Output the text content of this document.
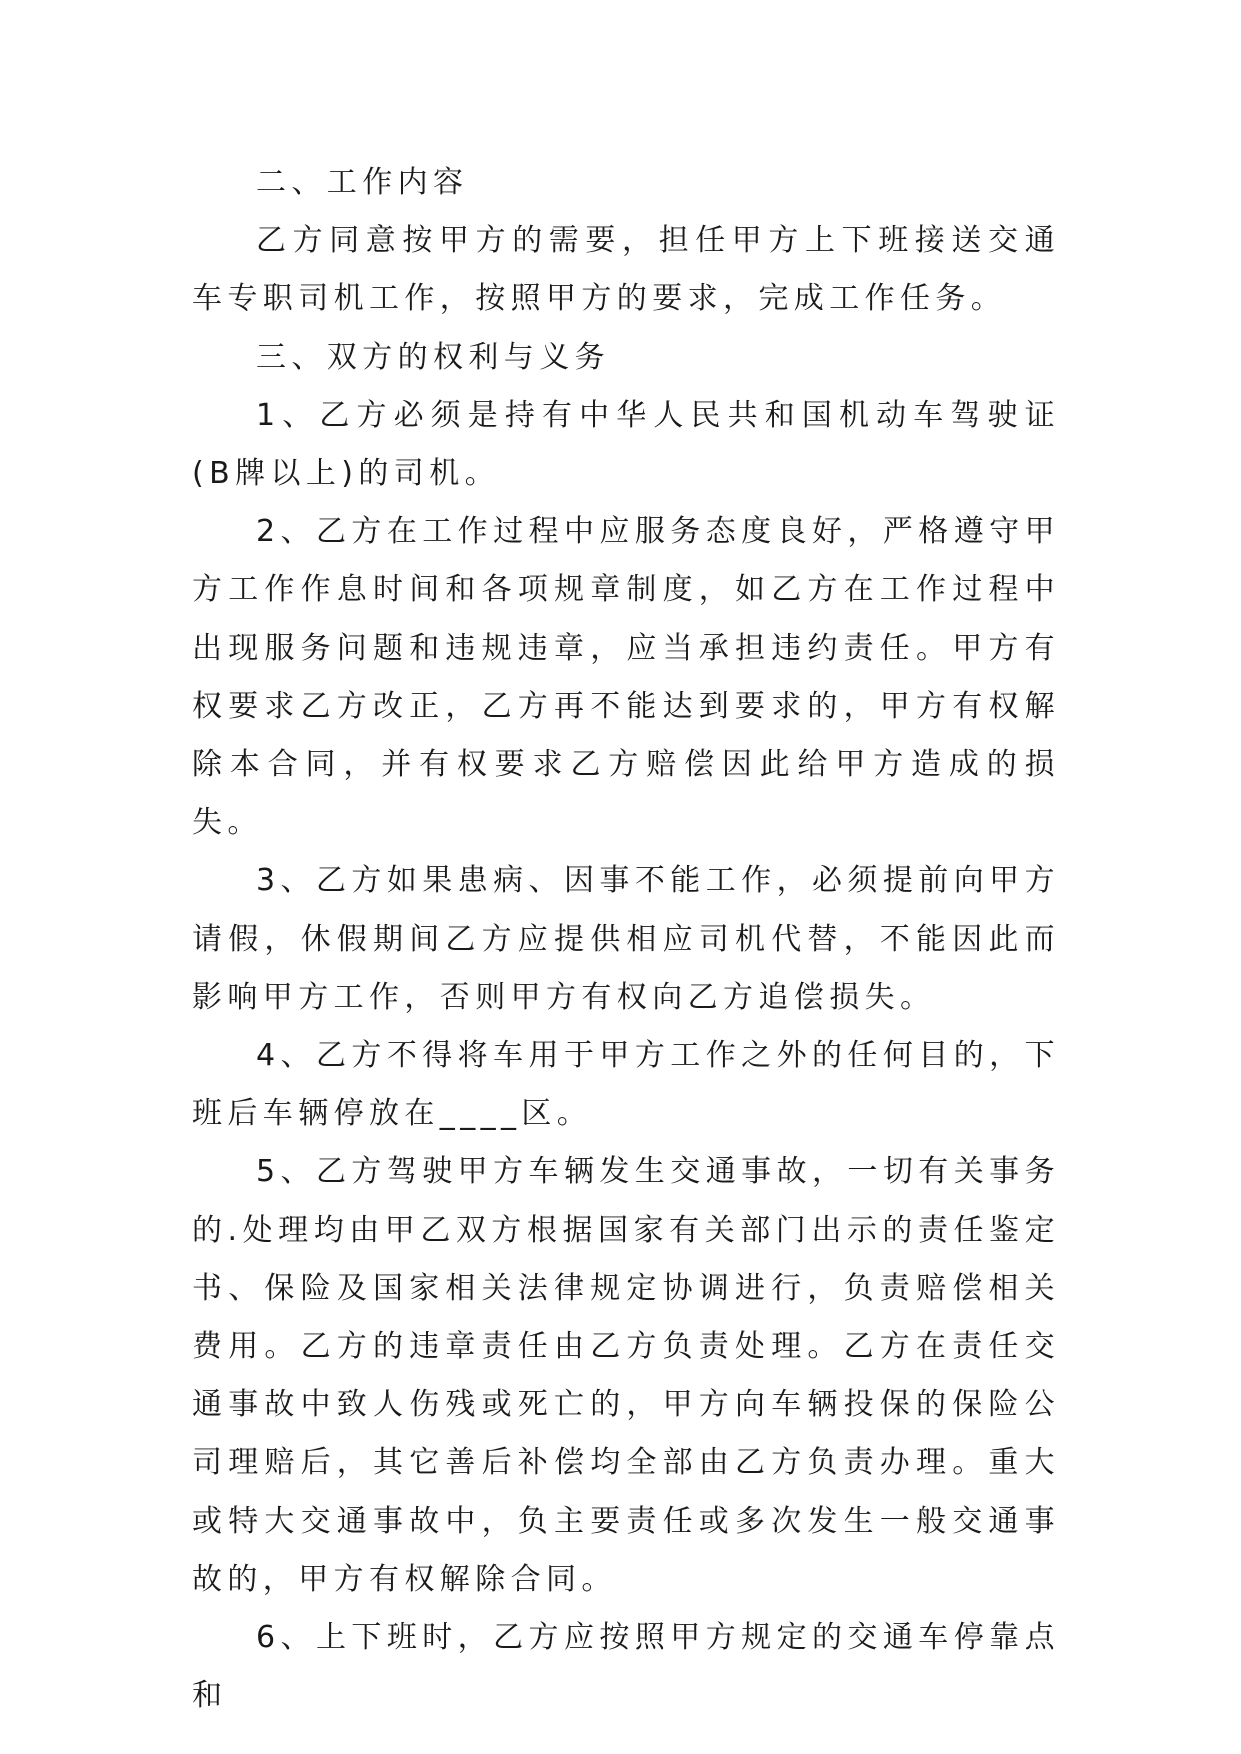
二、工作内容

乙方同意按甲方的需要，担任甲方上下班接送交通车专职司机工作，按照甲方的要求，完成工作任务。

三、双方的权利与义务

1、乙方必须是持有中华人民共和国机动车驾驶证(B牌以上)的司机。

2、乙方在工作过程中应服务态度良好，严格遵守甲方工作作息时间和各项规章制度，如乙方在工作过程中出现服务问题和违规违章，应当承担违约责任。甲方有权要求乙方改正，乙方再不能达到要求的，甲方有权解除本合同，并有权要求乙方赔偿因此给甲方造成的损失。

3、乙方如果患病、因事不能工作，必须提前向甲方请假，休假期间乙方应提供相应司机代替，不能因此而影响甲方工作，否则甲方有权向乙方追偿损失。

4、乙方不得将车用于甲方工作之外的任何目的，下班后车辆停放在____区。

5、乙方驾驶甲方车辆发生交通事故，一切有关事务的.处理均由甲乙双方根据国家有关部门出示的责任鉴定书、保险及国家相关法律规定协调进行，负责赔偿相关费用。乙方的违章责任由乙方负责处理。乙方在责任交通事故中致人伤残或死亡的，甲方向车辆投保的保险公司理赔后，其它善后补偿均全部由乙方负责办理。重大或特大交通事故中，负主要责任或多次发生一般交通事故的，甲方有权解除合同。

6、上下班时，乙方应按照甲方规定的交通车停靠点和
